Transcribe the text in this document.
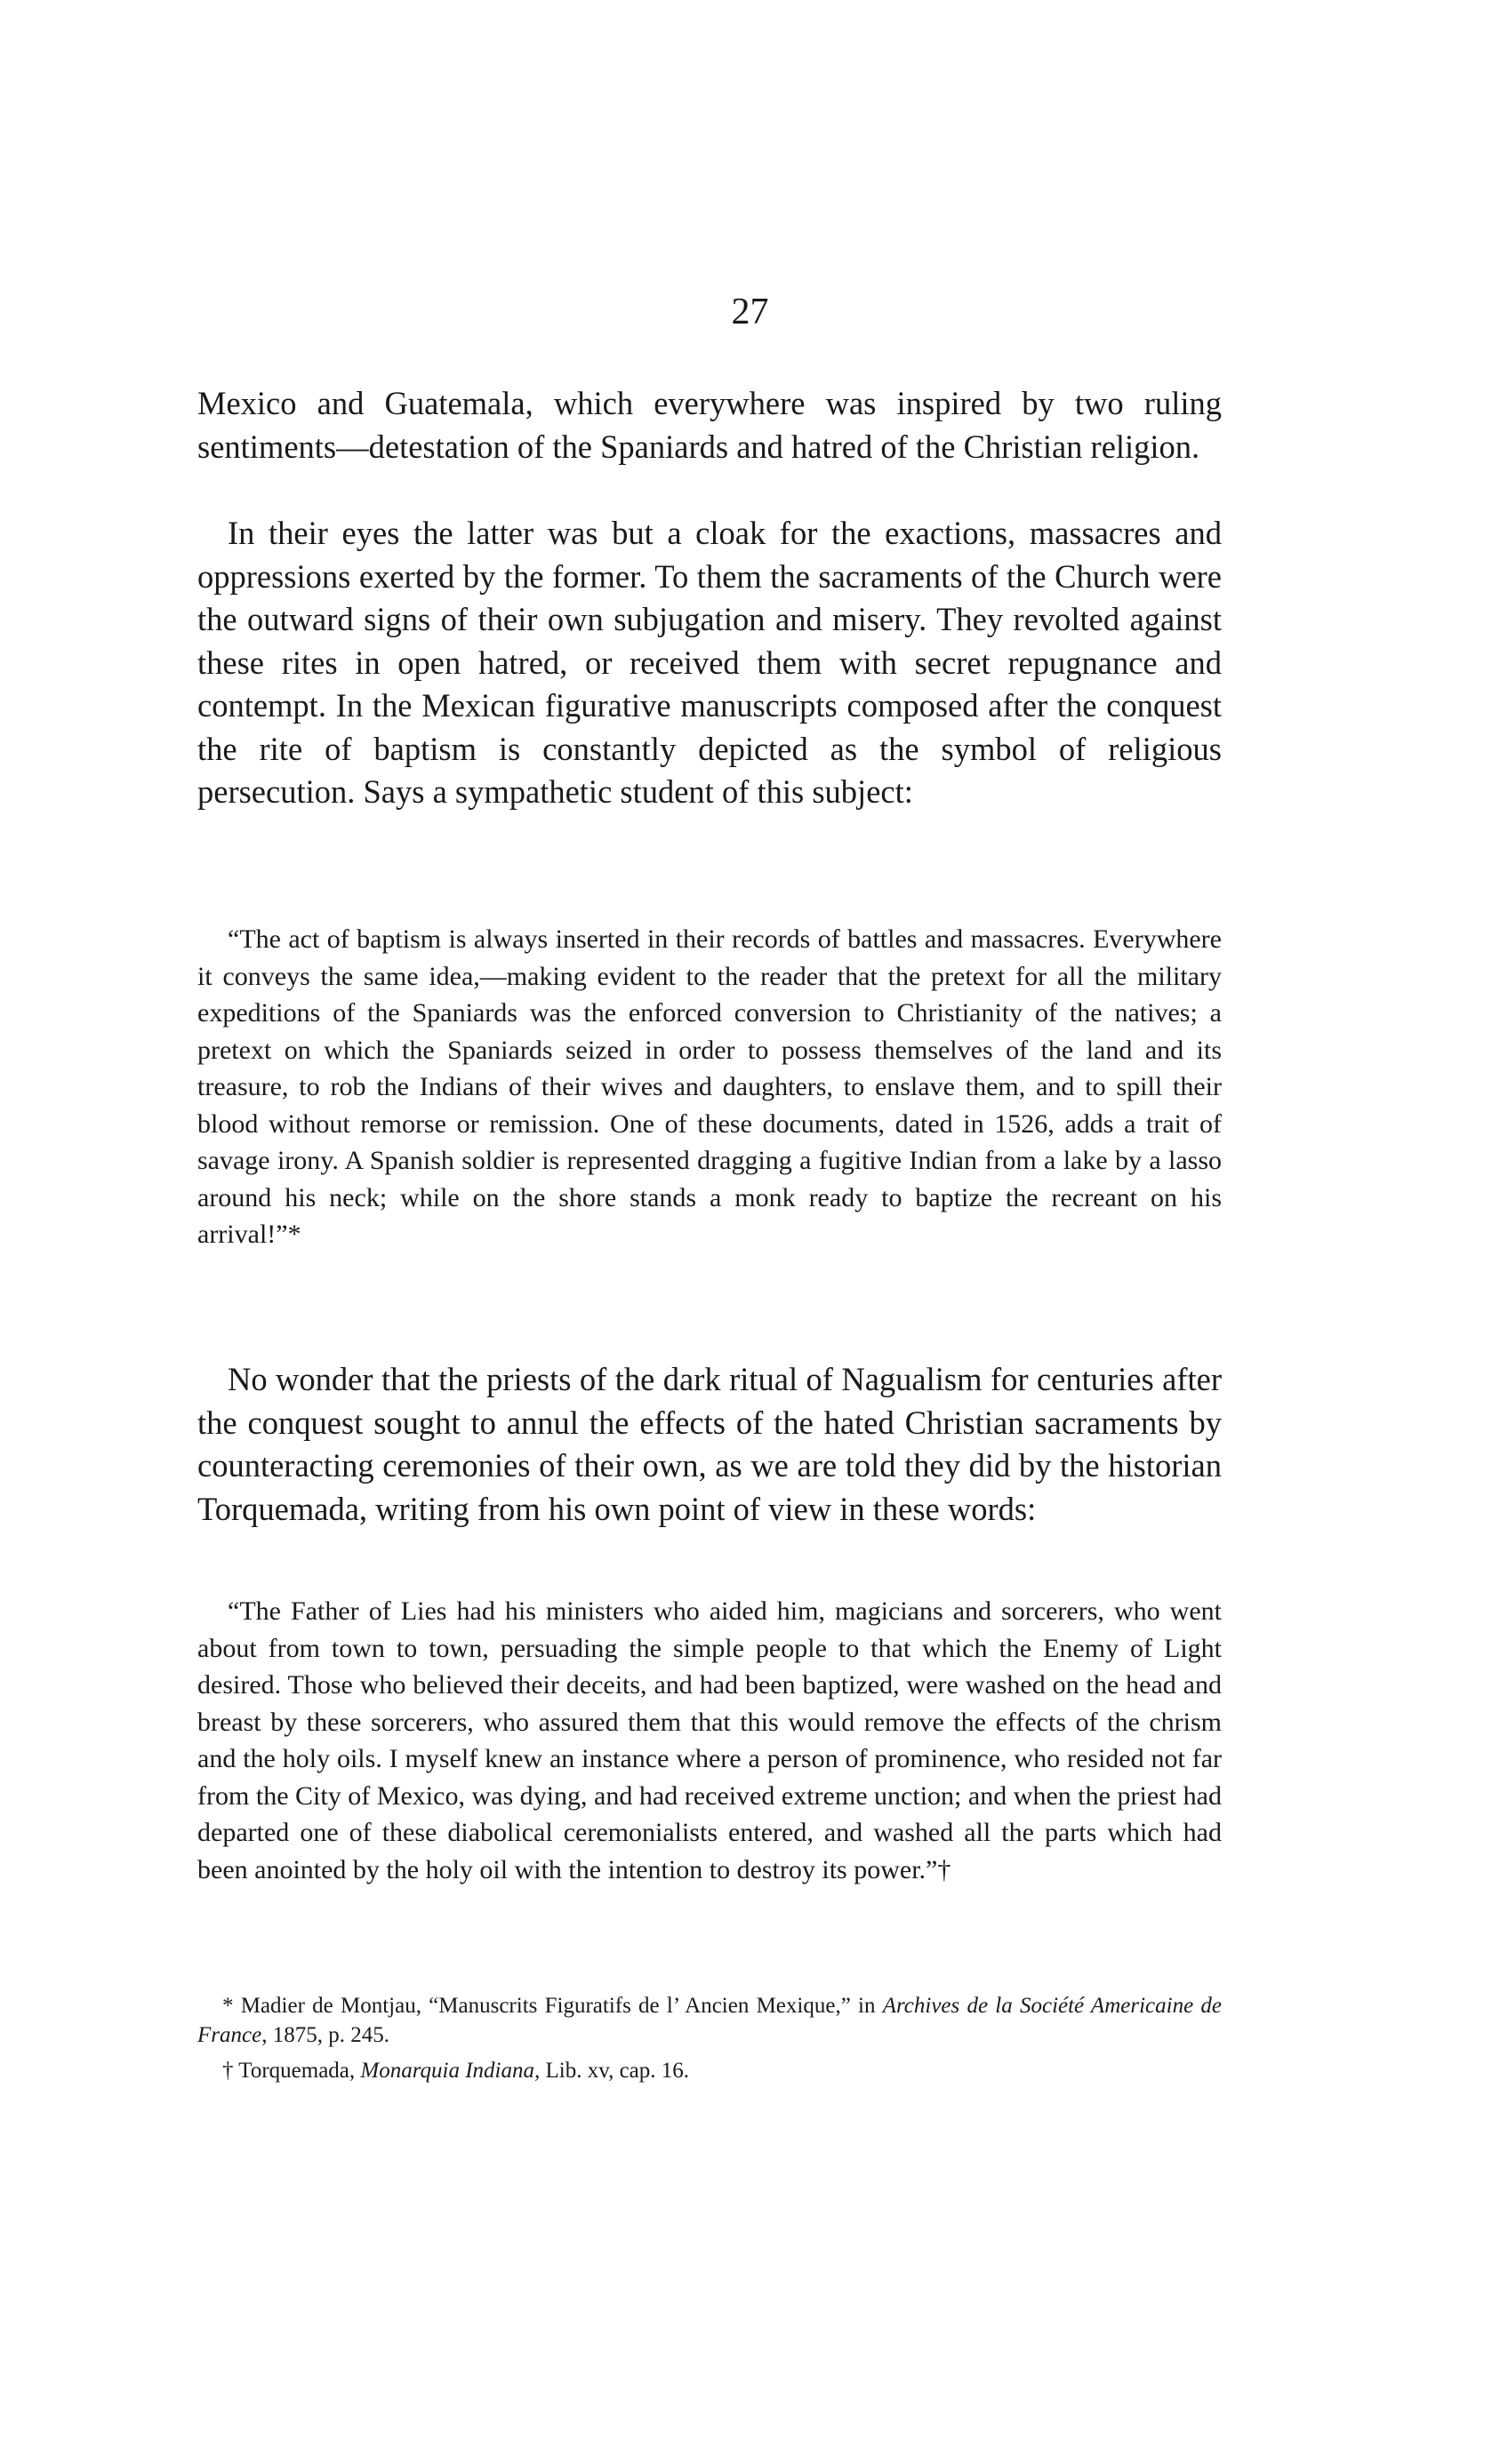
27

Mexico and Guatemala, which everywhere was inspired by two ruling sentiments—detestation of the Spaniards and hatred of the Christian religion.

In their eyes the latter was but a cloak for the exactions, massacres and oppressions exerted by the former. To them the sacraments of the Church were the outward signs of their own subjugation and misery. They revolted against these rites in open hatred, or received them with secret repugnance and contempt. In the Mexican figurative manuscripts composed after the conquest the rite of baptism is constantly depicted as the symbol of religious persecution. Says a sympathetic student of this subject:

“The act of baptism is always inserted in their records of battles and massacres. Everywhere it conveys the same idea,—making evident to the reader that the pretext for all the military expeditions of the Spaniards was the enforced conversion to Christianity of the natives; a pretext on which the Spaniards seized in order to possess themselves of the land and its treasure, to rob the Indians of their wives and daughters, to enslave them, and to spill their blood without remorse or remission. One of these documents, dated in 1526, adds a trait of savage irony. A Spanish soldier is represented dragging a fugitive Indian from a lake by a lasso around his neck; while on the shore stands a monk ready to baptize the recreant on his arrival!”*

No wonder that the priests of the dark ritual of Nagualism for centuries after the conquest sought to annul the effects of the hated Christian sacraments by counteracting ceremonies of their own, as we are told they did by the historian Torquemada, writing from his own point of view in these words:

“The Father of Lies had his ministers who aided him, magicians and sorcerers, who went about from town to town, persuading the simple people to that which the Enemy of Light desired. Those who believed their deceits, and had been baptized, were washed on the head and breast by these sorcerers, who assured them that this would remove the effects of the chrism and the holy oils. I myself knew an instance where a person of prominence, who resided not far from the City of Mexico, was dying, and had received extreme unction; and when the priest had departed one of these diabolical ceremonialists entered, and washed all the parts which had been anointed by the holy oil with the intention to destroy its power.”†

* Madier de Montjau, “Manuscrits Figuratifs de l’ Ancien Mexique,” in Archives de la Société Americaine de France, 1875, p. 245.

† Torquemada, Monarquia Indiana, Lib. xv, cap. 16.
